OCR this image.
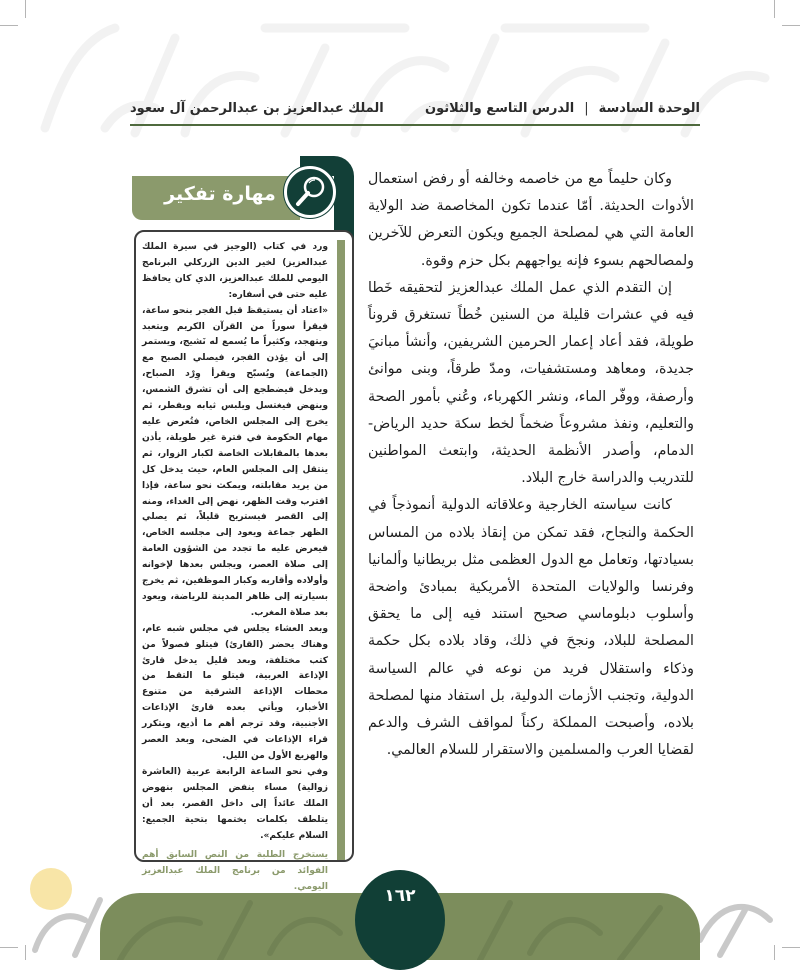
الوحدة السادسة
|
الدرس التاسع والثلاثون
الملك عبدالعزيز بن عبدالرحمن آل سعود

وكان حليماً مع من خاصمه وخالفه أو رفض استعمال الأدوات الحديثة. أمّا عندما تكون المخاصمة ضد الولاية العامة التي هي لمصلحة الجميع ويكون التعرض للآخرين ولمصالحهم بسوء فإنه يواجههم بكل حزم وقوة.

إن التقدم الذي عمل الملك عبدالعزيز لتحقيقه خَطا فيه في عشرات قليلة من السنين خُطاً تستغرق قروناً طويلة، فقد أعاد إعمار الحرمين الشريفين، وأنشأ مبانيَ جديدة، ومعاهد ومستشفيات، ومدّ طرقاً، وبنى موانئ وأرصفة، ووفّر الماء، ونشر الكهرباء، وعُني بأمور الصحة والتعليم، ونفذ مشروعاً ضخماً لخط سكة حديد الرياض- الدمام، وأصدر الأنظمة الحديثة، وابتعث المواطنين للتدريب والدراسة خارج البلاد.

كانت سياسته الخارجية وعلاقاته الدولية أنموذجاً في الحكمة والنجاح، فقد تمكن من إنقاذ بلاده من المساس بسيادتها، وتعامل مع الدول العظمى مثل بريطانيا وألمانيا وفرنسا والولايات المتحدة الأمريكية بمبادئ واضحة وأسلوب دبلوماسي صحيح استند فيه إلى ما يحقق المصلحة للبلاد، ونجحَ في ذلك، وقاد بلاده بكل حكمة وذكاء واستقلال فريد من نوعه في عالم السياسة الدولية، وتجنب الأزمات الدولية، بل استفاد منها لمصلحة بلاده، وأصبحت المملكة ركناً لمواقف الشرف والدعم لقضايا العرب والمسلمين والاستقرار للسلام العالمي.

مهارة تفكير

ورد في كتاب (الوجيز في سيرة الملك عبدالعزيز) لخير الدين الزركلي البرنامج اليومي للملك عبدالعزيز، الذي كان يحافظ عليه حتى في أسفاره:

«اعتاد أن يستيقظ قبل الفجر بنحو ساعة، فيقرأ سوراً من القرآن الكريم ويتعبد ويتهجد، وكثيراً ما يُسمع له نَشيج، ويستمر إلى أن يؤذن الفجر، فيصلي الصبح مع (الجماعة) ويُسبّح ويقرأ وِرْد الصباح، ويدخل فيضطجع إلى أن تشرق الشمس، وينهض فيغتسل ويلبس ثيابه ويفطر، ثم يخرج إلى المجلس الخاص، فتُعرض عليه مهام الحكومة في فترة غير طويلة، يأذن بعدها بالمقابلات الخاصة لكبار الزوار، ثم ينتقل إلى المجلس العام، حيث يدخل كل من يريد مقابلته، ويمكث نحو ساعة، فإذا اقترب وقت الظهر، نهض إلى الغداء، ومنه إلى القصر فيستريح قليلاً، ثم يصلي الظهر جماعة ويعود إلى مجلسه الخاص، فيعرض عليه ما تجدد من الشؤون العامة إلى صلاة العصر، ويجلس بعدها لإخوانه وأولاده وأقاربه وكبار الموظفين، ثم يخرج بسيارته إلى ظاهر المدينة للرياضة، ويعود بعد صلاة المغرب.

وبعد العشاء يجلس في مجلس شبه عام، وهناك يحضر (القارئ) فيتلو فصولاً من كتب مختلفة، وبعد قليل يدخل قارئ الإذاعة العربية، فيتلو ما التقط من محطات الإذاعة الشرقية من متنوع الأخبار، ويأتي بعده قارئ الإذاعات الأجنبية، وقد ترجم أهم ما أذيع، ويتكرر قراء الإذاعات في الضحى، وبعد العصر والهزيع الأول من الليل.

وفي نحو الساعة الرابعة عربية (العاشرة زوالية) مساء ينفض المجلس بنهوض الملك عائداً إلى داخل القصر، بعد أن يتلطف بكلمات يختمها بتحية الجميع: السلام عليكم».

يستخرج الطلبة من النص السابق أهم الفوائد من برنامج الملك عبدالعزيز اليومي.	١٦٢
